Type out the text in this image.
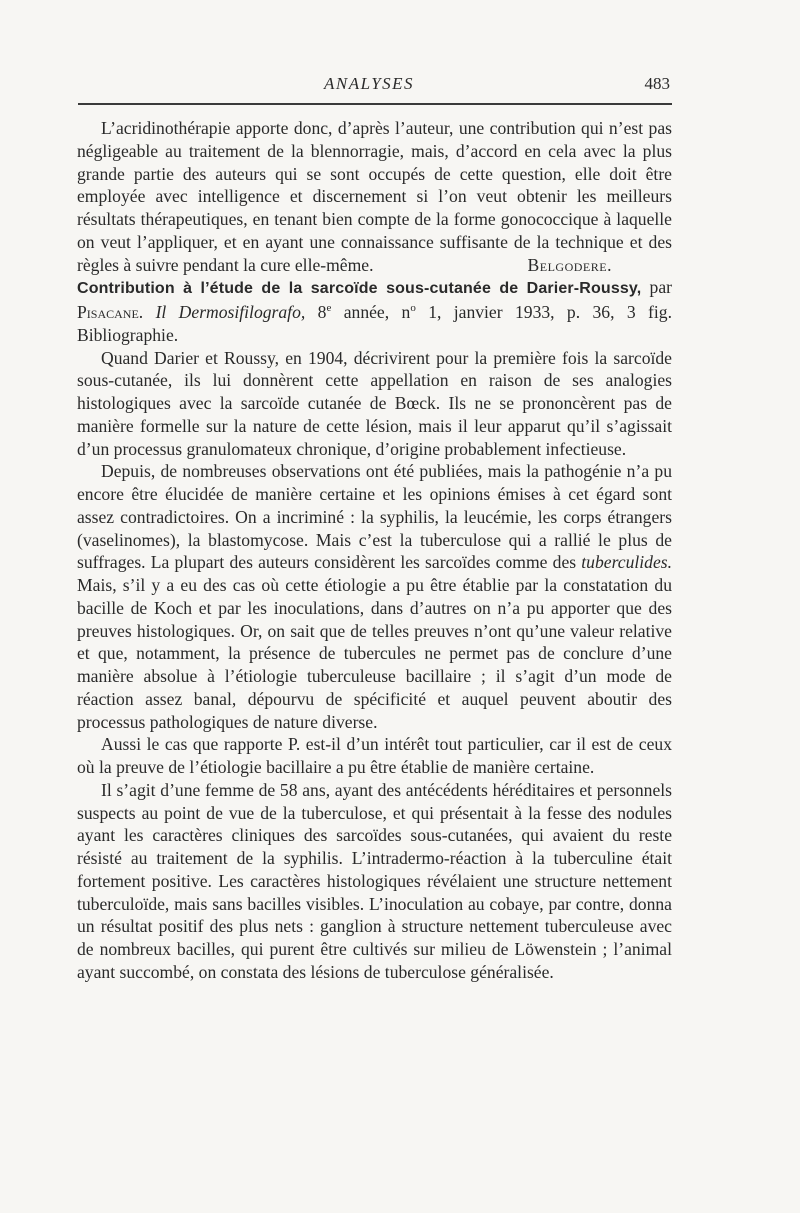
ANALYSES	483

L’acridinothérapie apporte donc, d’après l’auteur, une contribution qui n’est pas négligeable au traitement de la blennorragie, mais, d’accord en cela avec la plus grande partie des auteurs qui se sont occupés de cette question, elle doit être employée avec intelligence et discernement si l’on veut obtenir les meilleurs résultats thérapeutiques, en tenant bien compte de la forme gonococcique à laquelle on veut l’appliquer, et en ayant une connaissance suffisante de la technique et des règles à suivre pendant la cure elle-même.	Belgodere.

Contribution à l’étude de la sarcoïde sous-cutanée de Darier-Roussy, par Pisacane. Il Dermosifilografo, 8e année, $n^o$ 1, janvier 1933, p. 36, 3 fig. Bibliographie.

Quand Darier et Roussy, en 1904, décrivirent pour la première fois la sarcoïde sous-cutanée, ils lui donnèrent cette appellation en raison de ses analogies histologiques avec la sarcoïde cutanée de Bœck. Ils ne se prononcèrent pas de manière formelle sur la nature de cette lésion, mais il leur apparut qu’il s’agissait d’un processus granulomateux chronique, d’origine probablement infectieuse.

Depuis, de nombreuses observations ont été publiées, mais la pathogénie n’a pu encore être élucidée de manière certaine et les opinions émises à cet égard sont assez contradictoires. On a incriminé : la syphilis, la leucémie, les corps étrangers (vaselinomes), la blastomycose. Mais c’est la tuberculose qui a rallié le plus de suffrages. La plupart des auteurs considèrent les sarcoïdes comme des tuberculides. Mais, s’il y a eu des cas où cette étiologie a pu être établie par la constatation du bacille de Koch et par les inoculations, dans d’autres on n’a pu apporter que des preuves histologiques. Or, on sait que de telles preuves n’ont qu’une valeur relative et que, notamment, la présence de tubercules ne permet pas de conclure d’une manière absolue à l’étiologie tuberculeuse bacillaire ; il s’agit d’un mode de réaction assez banal, dépourvu de spécificité et auquel peuvent aboutir des processus pathologiques de nature diverse.

Aussi le cas que rapporte P. est-il d’un intérêt tout particulier, car il est de ceux où la preuve de l’étiologie bacillaire a pu être établie de manière certaine.

Il s’agit d’une femme de 58 ans, ayant des antécédents héréditaires et personnels suspects au point de vue de la tuberculose, et qui présentait à la fesse des nodules ayant les caractères cliniques des sarcoïdes sous-cutanées, qui avaient du reste résisté au traitement de la syphilis. L’intradermo-réaction à la tuberculine était fortement positive. Les caractères histologiques révélaient une structure nettement tuberculoïde, mais sans bacilles visibles. L’inoculation au cobaye, par contre, donna un résultat positif des plus nets : ganglion à structure nettement tuberculeuse avec de nombreux bacilles, qui purent être cultivés sur milieu de Löwenstein ; l’animal ayant succombé, on constata des lésions de tuberculose généralisée.
